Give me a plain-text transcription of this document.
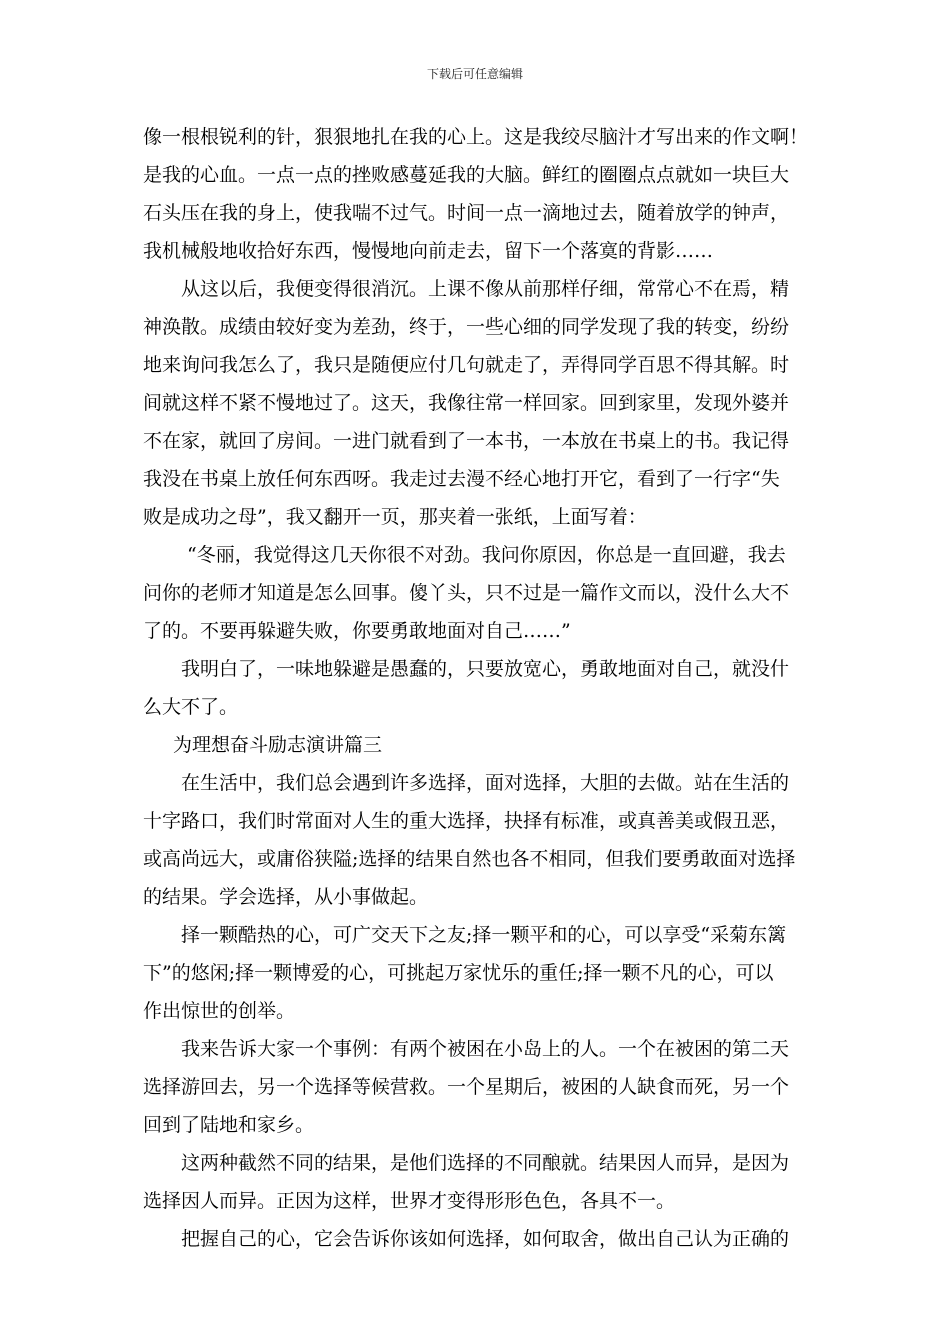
下载后可任意编辑
像一根根锐利的针，狠狠地扎在我的心上。这是我绞尽脑汁才写出来的作文啊！
是我的心血。一点一点的挫败感蔓延我的大脑。鲜红的圈圈点点就如一块巨大
石头压在我的身上，使我喘不过气。时间一点一滴地过去，随着放学的钟声，
我机械般地收拾好东西，慢慢地向前走去，留下一个落寞的背影……
从这以后，我便变得很消沉。上课不像从前那样仔细，常常心不在焉，精
神涣散。成绩由较好变为差劲，终于，一些心细的同学发现了我的转变，纷纷
地来询问我怎么了，我只是随便应付几句就走了，弄得同学百思不得其解。时
间就这样不紧不慢地过了。这天，我像往常一样回家。回到家里，发现外婆并
不在家，就回了房间。一进门就看到了一本书，一本放在书桌上的书。我记得
我没在书桌上放任何东西呀。我走过去漫不经心地打开它，看到了一行字“失
败是成功之母”，我又翻开一页，那夹着一张纸，上面写着：
“冬丽，我觉得这几天你很不对劲。我问你原因，你总是一直回避，我去
问你的老师才知道是怎么回事。傻丫头，只不过是一篇作文而以，没什么大不
了的。不要再躲避失败，你要勇敢地面对自己……”
我明白了，一味地躲避是愚蠢的，只要放宽心，勇敢地面对自己，就没什
么大不了。
为理想奋斗励志演讲篇三
在生活中，我们总会遇到许多选择，面对选择，大胆的去做。站在生活的
十字路口，我们时常面对人生的重大选择，抉择有标准，或真善美或假丑恶，
或高尚远大，或庸俗狭隘;选择的结果自然也各不相同，但我们要勇敢面对选择
的结果。学会选择，从小事做起。
择一颗酷热的心，可广交天下之友;择一颗平和的心，可以享受“采菊东篱
下”的悠闲;择一颗博爱的心，可挑起万家忧乐的重任;择一颗不凡的心，可以
作出惊世的创举。
我来告诉大家一个事例：有两个被困在小岛上的人。一个在被困的第二天
选择游回去，另一个选择等候营救。一个星期后，被困的人缺食而死，另一个
回到了陆地和家乡。
这两种截然不同的结果，是他们选择的不同酿就。结果因人而异，是因为
选择因人而异。正因为这样，世界才变得形形色色，各具不一。
把握自己的心，它会告诉你该如何选择，如何取舍，做出自己认为正确的
